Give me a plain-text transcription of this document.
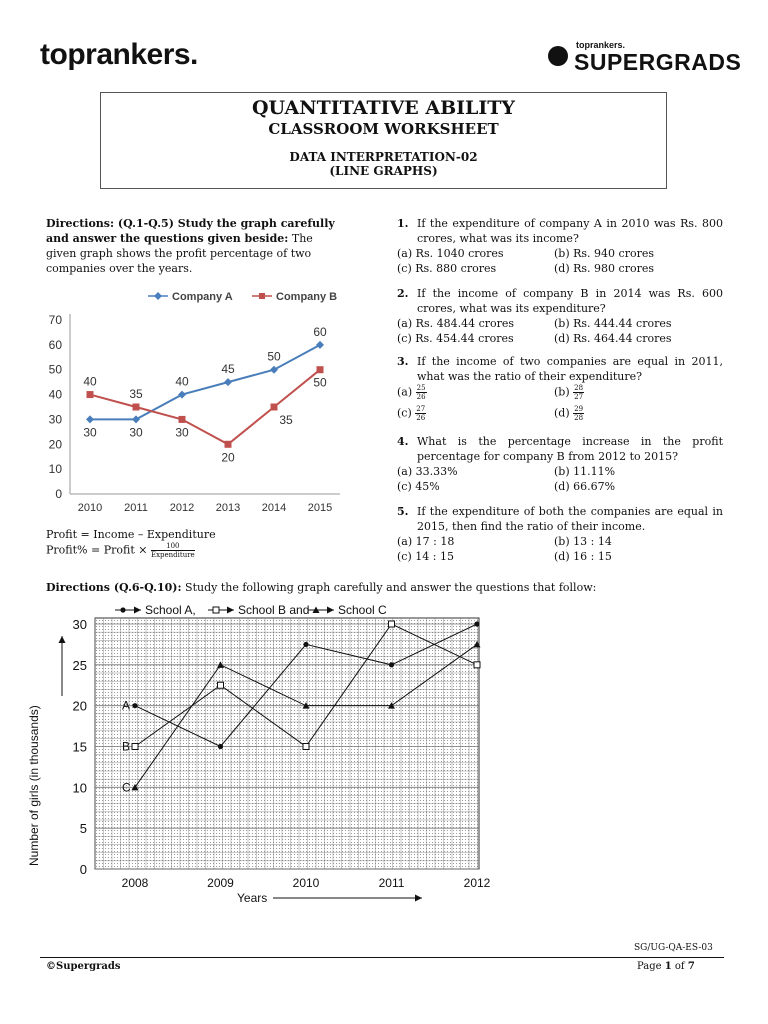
toprankers.	toprankers.
SUPERGRADS
QUANTITATIVE ABILITY
CLASSROOM WORKSHEET
DATA INTERPRETATION-02
(LINE GRAPHS)
Directions: (Q.1-Q.5) Study the graph carefully and answer the questions given beside: The given graph shows the profit percentage of two companies over the years.
Company A	Company B
0
10
20
30
40
50
60
70
2010 2011 2012 2013 2014 2015
30	30
40
45
50
60
40
35
30
20
35
50
Profit = Income – Expenditure
Profit% = Profit × $\frac{100}{\text{Expenditure}}$
1. If the expenditure of company A in 2010 was Rs. 800 crores, what was its income?
(a) Rs. 1040 crores	(b) Rs. 940 crores
(c) Rs. 880 crores	(d) Rs. 980 crores
2. If the income of company B in 2014 was Rs. 600 crores, what was its expenditure?
(a) Rs. 484.44 crores	(b) Rs. 444.44 crores
(c) Rs. 454.44 crores	(d) Rs. 464.44 crores
3. If the income of two companies are equal in 2011, what was the ratio of their expenditure?
$(a) \frac{25}{26}$	$(b) \frac{28}{27}$
$(c) \frac{27}{26}$	$(d) \frac{29}{28}$
4. What is the percentage increase in the profit percentage for company B from 2012 to 2015?
(a) 33.33%	(b) 11.11%
(c) 45%	(d) 66.67%
5. If the expenditure of both the companies are equal in 2015, then find the ratio of their income.
(a) 17 : 18	(b) 13 : 14
(c) 14 : 15	(d) 16 : 15
Directions (Q.6-Q.10): Study the following graph carefully and answer the questions that follow:
School A,	School B and School C
0
5
10
15
20
25
30
2008	2009	2010	2011	2012
Years
Number of girls (in thousands)	A
B
C
SG/UG-QA-ES-03
©Supergrads	Page 1 of 7
